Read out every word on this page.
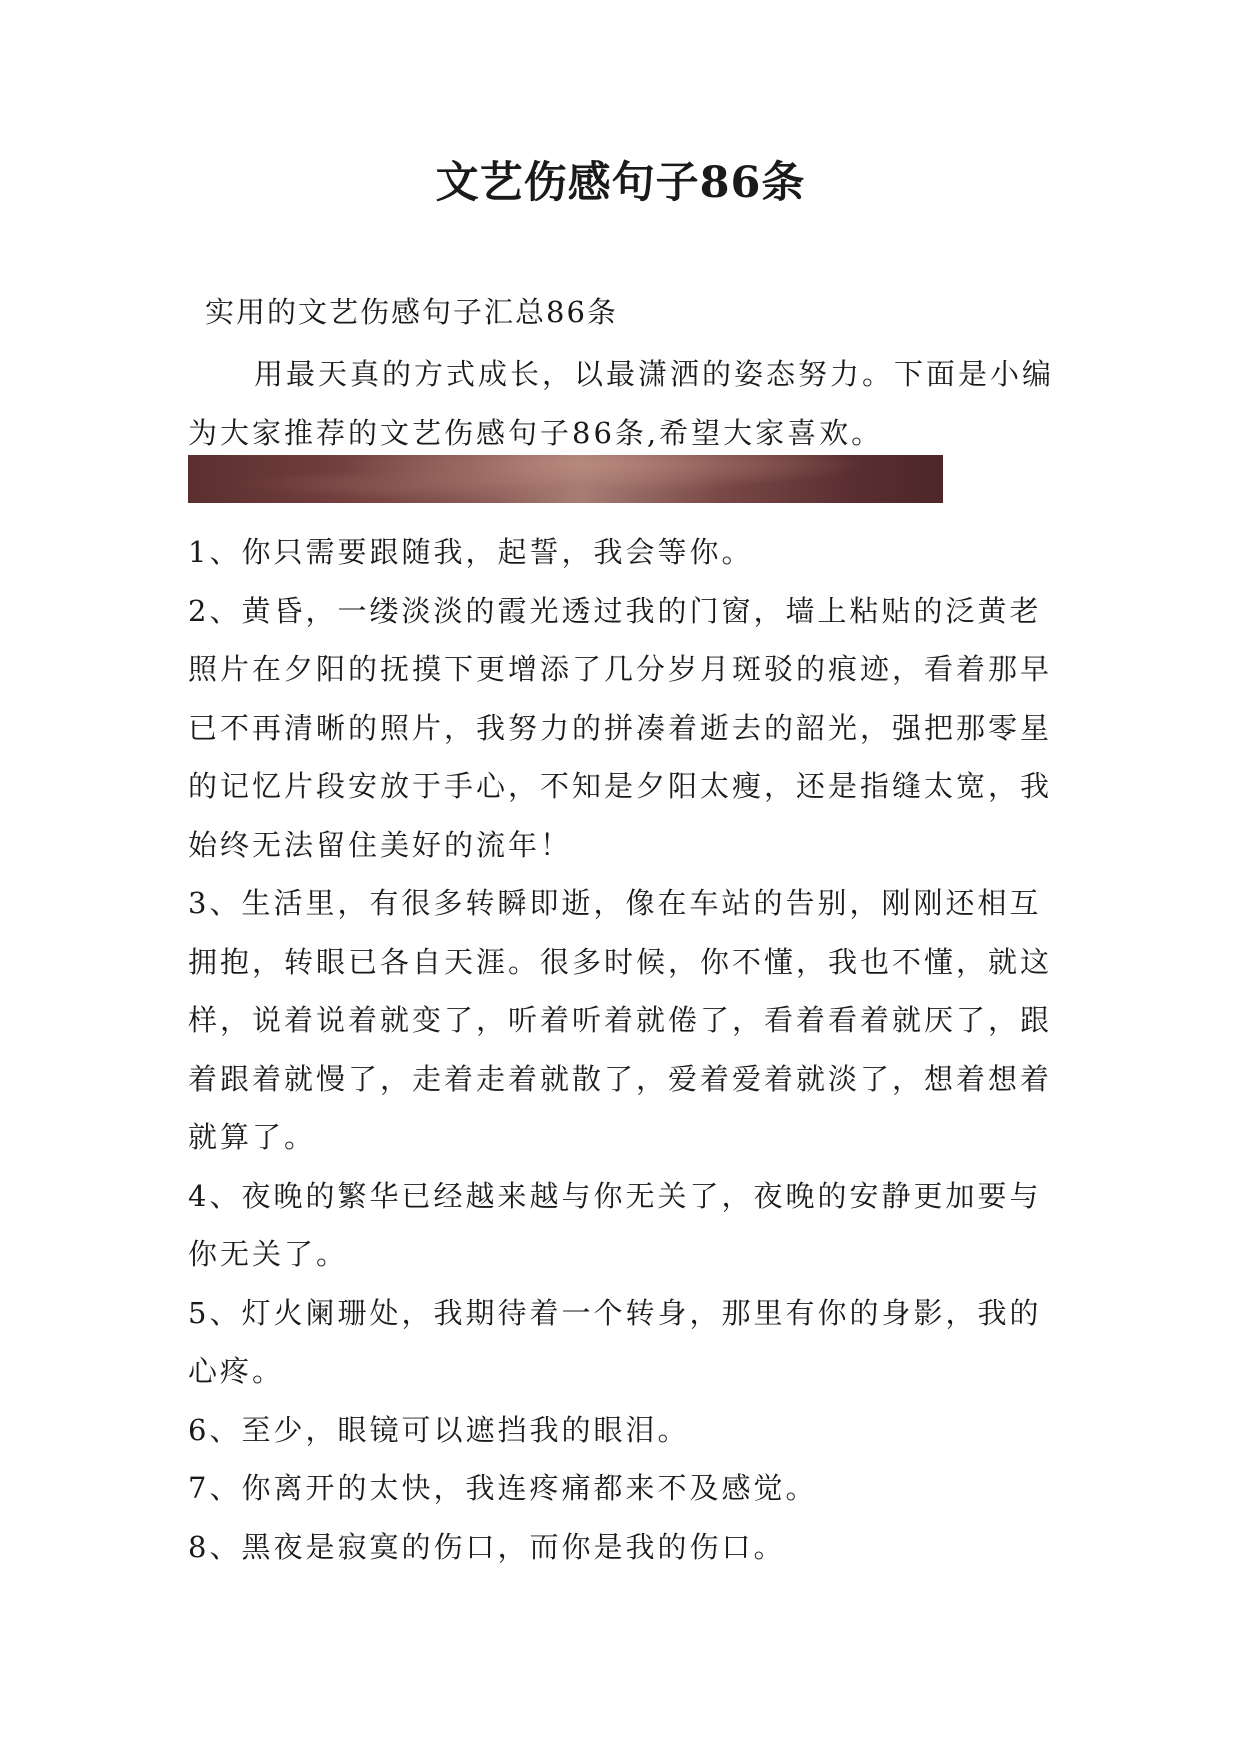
文艺伤感句子86条
实用的文艺伤感句子汇总86条
用最天真的方式成长，以最潇洒的姿态努力。下面是小编为大家推荐的文艺伤感句子86条,希望大家喜欢。
1、你只需要跟随我，起誓，我会等你。
2、黄昏，一缕淡淡的霞光透过我的门窗，墙上粘贴的泛黄老照片在夕阳的抚摸下更增添了几分岁月斑驳的痕迹，看着那早已不再清晰的照片，我努力的拼凑着逝去的韶光，强把那零星的记忆片段安放于手心，不知是夕阳太瘦，还是指缝太宽，我始终无法留住美好的流年！
3、生活里，有很多转瞬即逝，像在车站的告别，刚刚还相互拥抱，转眼已各自天涯。很多时候，你不懂，我也不懂，就这样，说着说着就变了，听着听着就倦了，看着看着就厌了，跟着跟着就慢了，走着走着就散了，爱着爱着就淡了，想着想着就算了。
4、夜晚的繁华已经越来越与你无关了，夜晚的安静更加要与你无关了。
5、灯火阑珊处，我期待着一个转身，那里有你的身影，我的心疼。
6、至少，眼镜可以遮挡我的眼泪。
7、你离开的太快，我连疼痛都来不及感觉。
8、黑夜是寂寞的伤口，而你是我的伤口。
